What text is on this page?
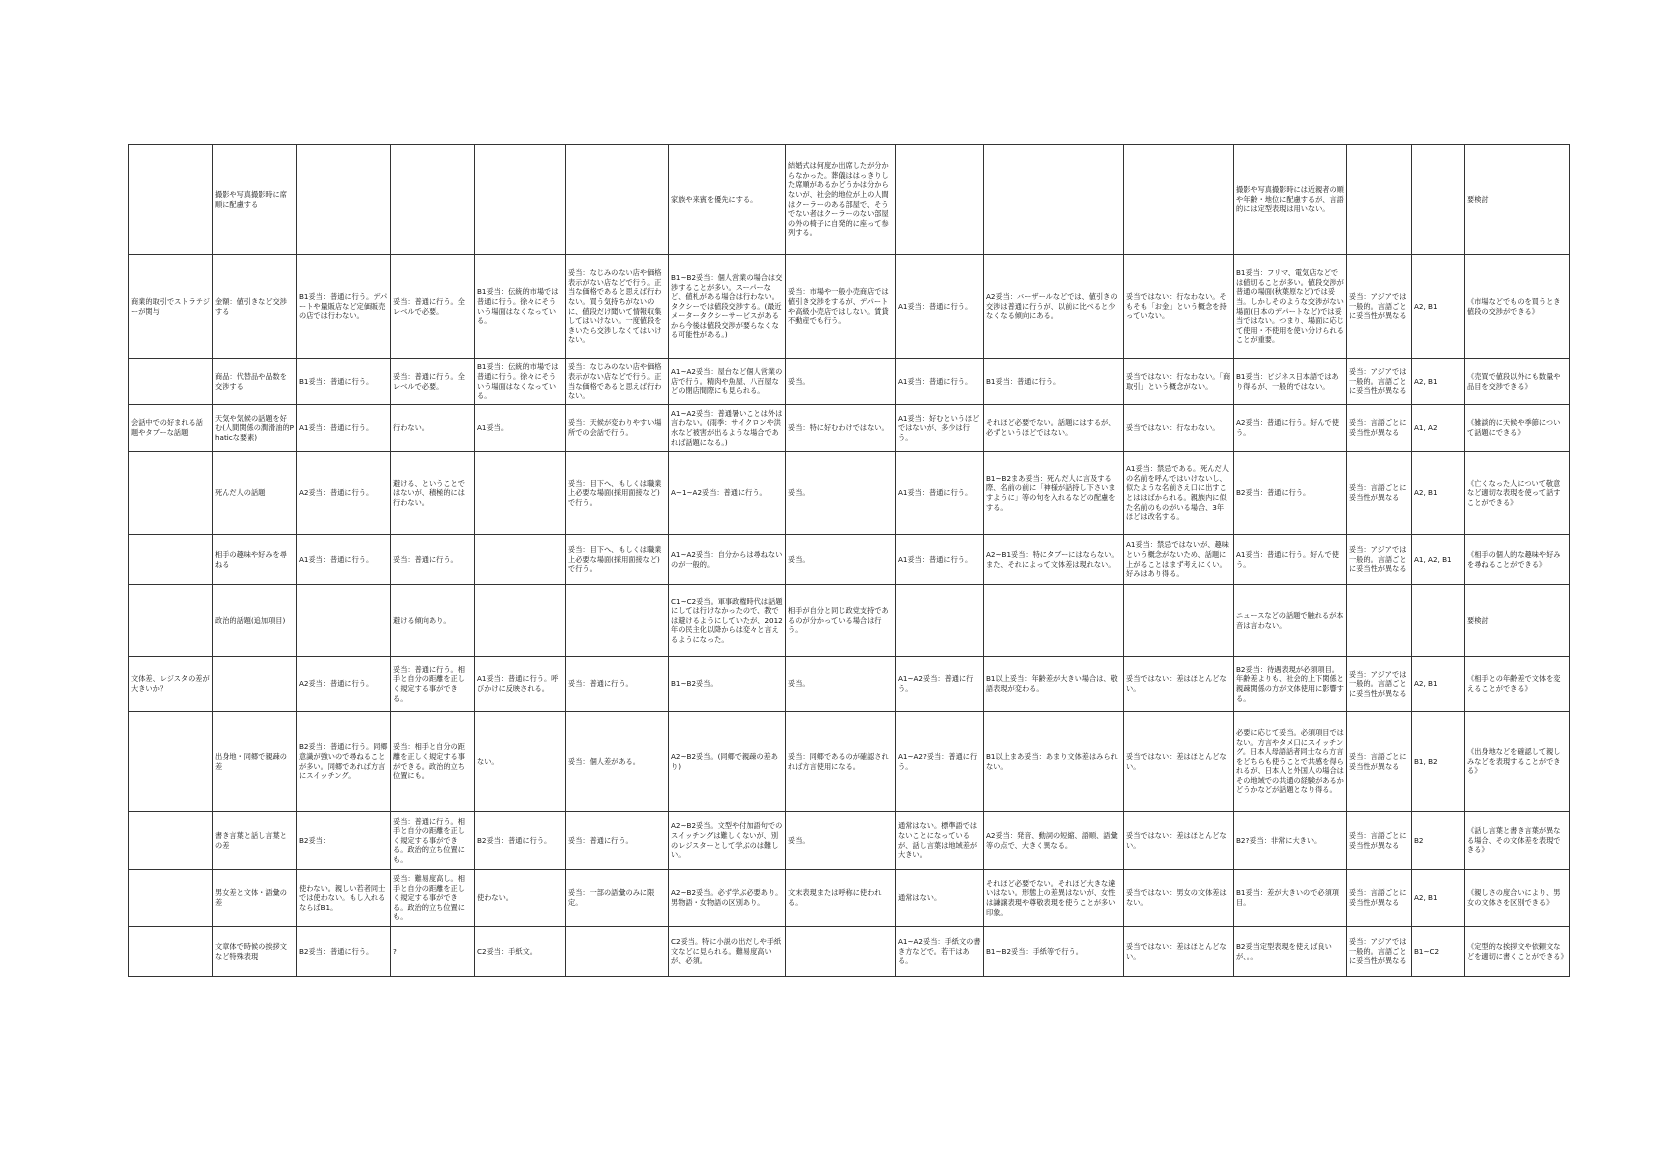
	撮影や写真撮影時に席順に配慮する					家族や来賓を優先にする。	結婚式は何度か出席したが分からなかった。葬儀ははっきりした席順があるかどうかは分からないが、社会的地位が上の人間はクーラーのある部屋で、そうでない者はクーラーのない部屋の外の椅子に自発的に座って参列する。				撮影や写真撮影時には近親者の順や年齢・地位に配慮するが、言語的には定型表現は用いない。			要検討
商業的取引でストラテジーが関与	金額：値引きなど交渉する	B1妥当：普通に行う。デパートや量販店など定価販売の店では行わない。	妥当：普通に行う。全レベルで必要。	B1妥当：伝統的市場では普通に行う。徐々にそういう場面はなくなっている。	妥当：なじみのない店や価格表示がない店などで行う。正当な価格であると思えば行わない。買う気持ちがないのに、値段だけ聞いて情報収集してはいけない。一度値段をきいたら交渉しなくてはいけない。	B1~B2妥当：個人営業の場合は交渉することが多い。スーパーなど、値札がある場合は行わない。タクシーでは値段交渉する。(最近メータータクシーサービスがあるから今後は値段交渉が要らなくなる可能性がある。)	妥当：市場や一般小売商店では値引き交渉をするが、デパートや高級小売店ではしない。賃貸不動産でも行う。	A1妥当：普通に行う。	A2妥当：バーザールなどでは、値引きの交渉は普通に行うが、以前に比べると少なくなる傾向にある。	妥当ではない：行なわない。そもそも「お金」という概念を持っていない。	B1妥当：フリマ、電気店などでは値切ることが多い。値段交渉が普通の場面(秋葉原など)では妥当。しかしそのような交渉がない場面(日本のデパートなど)では妥当ではない。つまり、場面に応じて使用・不使用を使い分けられることが重要。	妥当：アジアでは一般的。言語ごとに妥当性が異なる	A2, B1	《市場などでものを買うとき値段の交渉ができる》
	商品：代替品や品数を交渉する	B1妥当：普通に行う。	妥当：普通に行う。全レベルで必要。	B1妥当：伝統的市場では普通に行う。徐々にそういう場面はなくなっている。	妥当：なじみのない店や価格表示がない店などで行う。正当な価格であると思えば行わない。	A1~A2妥当：屋台など個人営業の店で行う。精肉や魚屋、八百屋などの閉店間際にも見られる。	妥当。	A1妥当：普通に行う。	B1妥当：普通に行う。	妥当ではない：行なわない。「商取引」という概念がない。	B1妥当：ビジネス日本語ではあり得るが、一般的ではない。	妥当：アジアでは一般的。言語ごとに妥当性が異なる	A2, B1	《売買で値段以外にも数量や品目を交渉できる》
会話中での好まれる話題やタブーな話題	天気や気候の話題を好む(人間関係の潤滑油的Phaticな要素)	A1妥当：普通に行う。	行わない。	A1妥当。	妥当：天候が変わりやすい場所での会話で行う。	A1~A2妥当：普通暑いことは外は言わない。(雨季：サイクロンや洪水など被害が出るような場合であれば話題になる。)	妥当：特に好むわけではない。	A1妥当：好むというほどではないが、多少は行う。	それほど必要でない。話題にはするが、必ずというほどではない。	妥当ではない：行なわない。	A2妥当：普通に行う。好んで使う。	妥当：言語ごとに妥当性が異なる	A1, A2	《雑談的に天候や季節について話題にできる》
	死んだ人の話題	A2妥当：普通に行う。	避ける、ということではないが、積極的には行わない。		妥当：目下へ、もしくは職業上必要な場面(採用面接など)で行う。	A~1~A2妥当：普通に行う。	妥当。	A1妥当：普通に行う。	B1~B2まあ妥当：死んだ人に言及する際、名前の前に「神様が話持し下さいますように」等の句を入れるなどの配慮をする。	A1妥当：禁忌である。死んだ人の名前を呼んではいけないし、似たような名前さえ口に出すことははばかられる。親族内に似た名前のものがいる場合、3年ほどは改名する。	B2妥当：普通に行う。	妥当：言語ごとに妥当性が異なる	A2, B1	《亡くなった人について敬意など適切な表現を使って話すことができる》
	相手の趣味や好みを尋ねる	A1妥当：普通に行う。	妥当：普通に行う。		妥当：目下へ、もしくは職業上必要な場面(採用面接など)で行う。	A1~A2妥当：自分からは尋ねないのが一般的。	妥当。	A1妥当：普通に行う。	A2~B1妥当：特にタブーにはならない。また、それによって文体差は現れない。	A1妥当：禁忌ではないが、趣味という概念がないため、話題に上がることはまず考えにくい。好みはあり得る。	A1妥当：普通に行う。好んで使う。	妥当：アジアでは一般的。言語ごとに妥当性が異なる	A1, A2, B1	《相手の個人的な趣味や好みを尋ねることができる》
	政治的話題(追加項目)		避ける傾向あり。			C1~C2妥当。軍事政権時代は話題にしては行けなかったので、教では避けるようにしていたが、2012年の民主化以降からは変々と言えるようになった。	相手が自分と同じ政党支持であるのが分かっている場合は行う。				ニュースなどの話題で触れるが本音は言わない。			要検討
文体差、レジスタの差が大きいか？		A2妥当：普通に行う。	妥当：普通に行う。相手と自分の距離を正しく規定する事ができる。	A1妥当：普通に行う。呼びかけに反映される。	妥当：普通に行う。	B1~B2妥当。	妥当。	A1~A2妥当：普通に行う。	B1以上妥当：年齢差が大きい場合は、敬語表現が変わる。	妥当ではない：差はほとんどない。	B2妥当：待遇表現が必須項目。年齢差よりも、社会的上下関係と親疎関係の方が文体使用に影響する。	妥当：アジアでは一般的。言語ごとに妥当性が異なる	A2, B1	《相手との年齢差で文体を変えることができる》
	出身地・同郷で親疎の差	B2妥当：普通に行う。同郷意識が強いので尋ねることが多い。同郷であれば方言にスイッチング。	妥当：相手と自分の距離を正しく規定する事ができる。政治的立ち位置にも。	ない。	妥当：個人差がある。	A2~B2妥当。(同郷で親疎の差あり)	妥当：同郷であるのが確認されれば方言使用になる。	A1~A2?妥当：普通に行う。	B1以上まあ妥当：あまり文体差はみられない。	妥当ではない：差はほとんどない。	必要に応じて妥当。必須項目ではない。方言やタメ口にスイッチング。日本人母語話者同士なら方言をどちらも使うことで共感を得られるが、日本人と外国人の場合はその地域での共通の経験があるかどうかなどが話題となり得る。	妥当：言語ごとに妥当性が異なる	B1, B2	《出身地などを確認して親しみなどを表現することができる》
	書き言葉と話し言葉との差	B2妥当：	妥当：普通に行う。相手と自分の距離を正しく規定する事ができる。政治的立ち位置にも。	B2妥当：普通に行う。	妥当：普通に行う。	A2~B2妥当。文型や付加語句でのスイッチングは難しくないが、別のレジスターとして学ぶのは難しい。	妥当。	通常はない。標準語ではないことになっているが、話し言葉は地域差が大きい。	A2妥当：発音、動詞の短縮、語順、語彙等の点で、大きく異なる。	妥当ではない：差はほとんどない。	B2?妥当：非常に大きい。	妥当：言語ごとに妥当性が異なる	B2	《話し言葉と書き言葉が異なる場合、その文体差を表現できる》
	男女差と文体・語彙の差	使わない。親しい若者同士では使わない。もし入れるならばB1。	妥当：難易度高し。相手と自分の距離を正しく規定する事ができる。政治的立ち位置にも。	使わない。	妥当：一部の語彙のみに限定。	A2~B2妥当。必ず学ぶ必要あり。男物語・女物語の区別あり。	文末表現または呼称に使われる。	通常はない。	それほど必要でない。それほど大きな違いはない。形態上の差異はないが、女性は謙譲表現や尊敬表現を使うことが多い印象。	妥当ではない：男女の文体差はない。	B1妥当：差が大きいので必須項目。	妥当：言語ごとに妥当性が異なる	A2, B1	《親しさの度合いにより、男女の文体さを区別できる》
	文章体で時候の挨拶文など特殊表現	B2妥当：普通に行う。	?	C2妥当：手紙文。		C2妥当。特に小説の出だしや手紙文などに見られる。難易度高いが、必須。		A1~A2妥当：手紙文の書き方などで。若干はある。	B1~B2妥当：手紙等で行う。	妥当ではない：差はほとんどない。	B2妥当定型表現を使えば良いが、。。	妥当：アジアでは一般的。言語ごとに妥当性が異なる	B1~C2	《定型的な挨拶文や依頼文などを適切に書くことができる》
